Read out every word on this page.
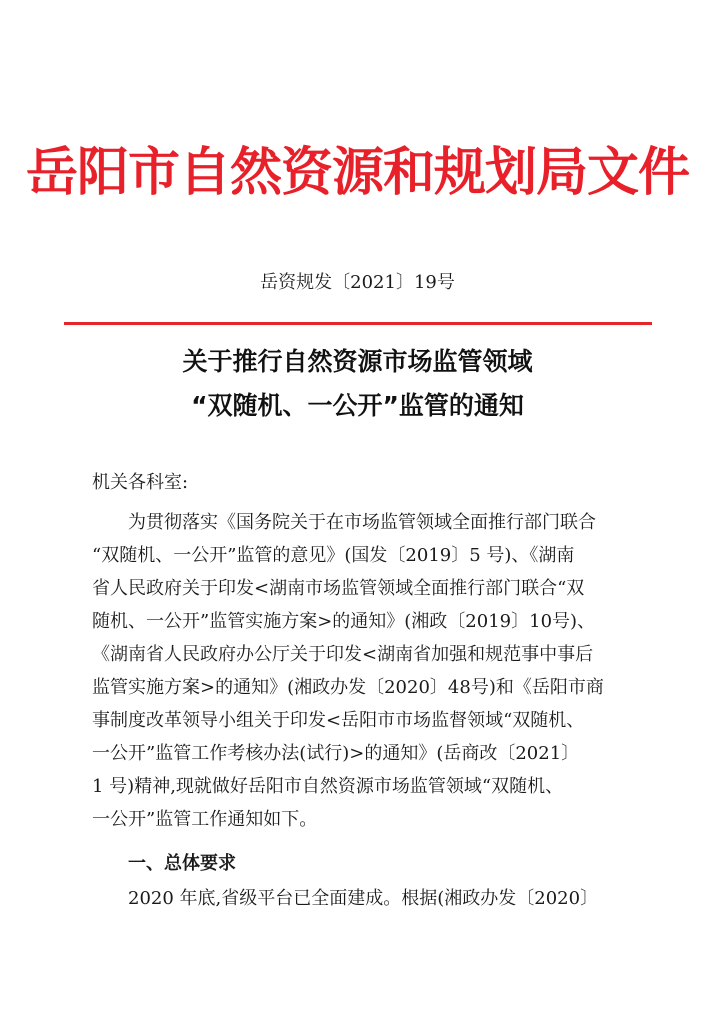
岳阳市自然资源和规划局文件
岳资规发〔2021〕19号
关于推行自然资源市场监管领域
“双随机、一公开”监管的通知
机关各科室:
为贯彻落实《国务院关于在市场监管领域全面推行部门联合
“双随机、一公开”监管的意见》(国发〔2019〕5 号)、《湖南
省人民政府关于印发<湖南市场监管领域全面推行部门联合“双
随机、一公开”监管实施方案>的通知》(湘政〔2019〕10号)、
《湖南省人民政府办公厅关于印发<湖南省加强和规范事中事后
监管实施方案>的通知》(湘政办发〔2020〕48号)和《岳阳市商
事制度改革领导小组关于印发<岳阳市市场监督领域“双随机、
一公开”监管工作考核办法(试行)>的通知》(岳商改〔2021〕
1 号)精神,现就做好岳阳市自然资源市场监管领域“双随机、
一公开”监管工作通知如下。
一、总体要求
2020 年底,省级平台已全面建成。根据(湘政办发〔2020〕
